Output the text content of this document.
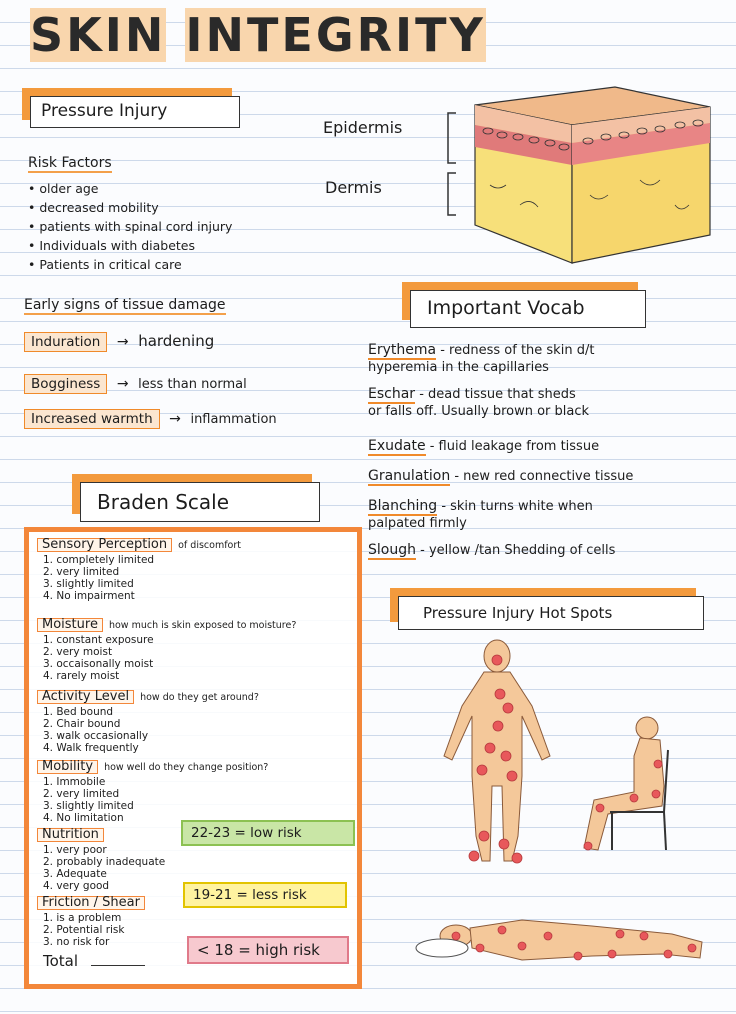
SKIN INTEGRITY
Pressure Injury
Risk Factors
• older age
• decreased mobility
• patients with spinal cord injury
• Individuals with diabetes
• Patients in critical care
Epidermis
Dermis
Early signs of tissue damage
Induration  →  hardening
Bogginess  →  less than normal
Increased warmth  →  inflammation
Important Vocab
Erythema - redness of the skin d/t
hyperemia in the capillaries
Eschar - dead tissue that sheds
or falls off. Usually brown or black
Exudate - fluid leakage from tissue
Granulation - new red connective tissue
Blanching - skin turns white when
palpated firmly
Slough - yellow /tan Shedding of cells
Braden Scale
Sensory Perception of discomfort
1. completely limited
2. very limited
3. slightly limited
4. No impairment
Moisture how much is skin exposed to moisture?
1. constant exposure
2. very moist
3. occaisonally moist
4. rarely moist
Activity Level how do they get around?
1. Bed bound
2. Chair bound
3. walk occasionally
4. Walk frequently
Mobility how well do they change position?
1. Immobile
2. very limited
3. slightly limited
4. No limitation
Nutrition
1. very poor
2. probably inadequate
3. Adequate
4. very good
Friction / Shear
1. is a problem
2. Potential risk
3. no risk for
Total
22-23 = low risk
19-21 = less risk
< 18 = high risk
Pressure Injury Hot Spots
